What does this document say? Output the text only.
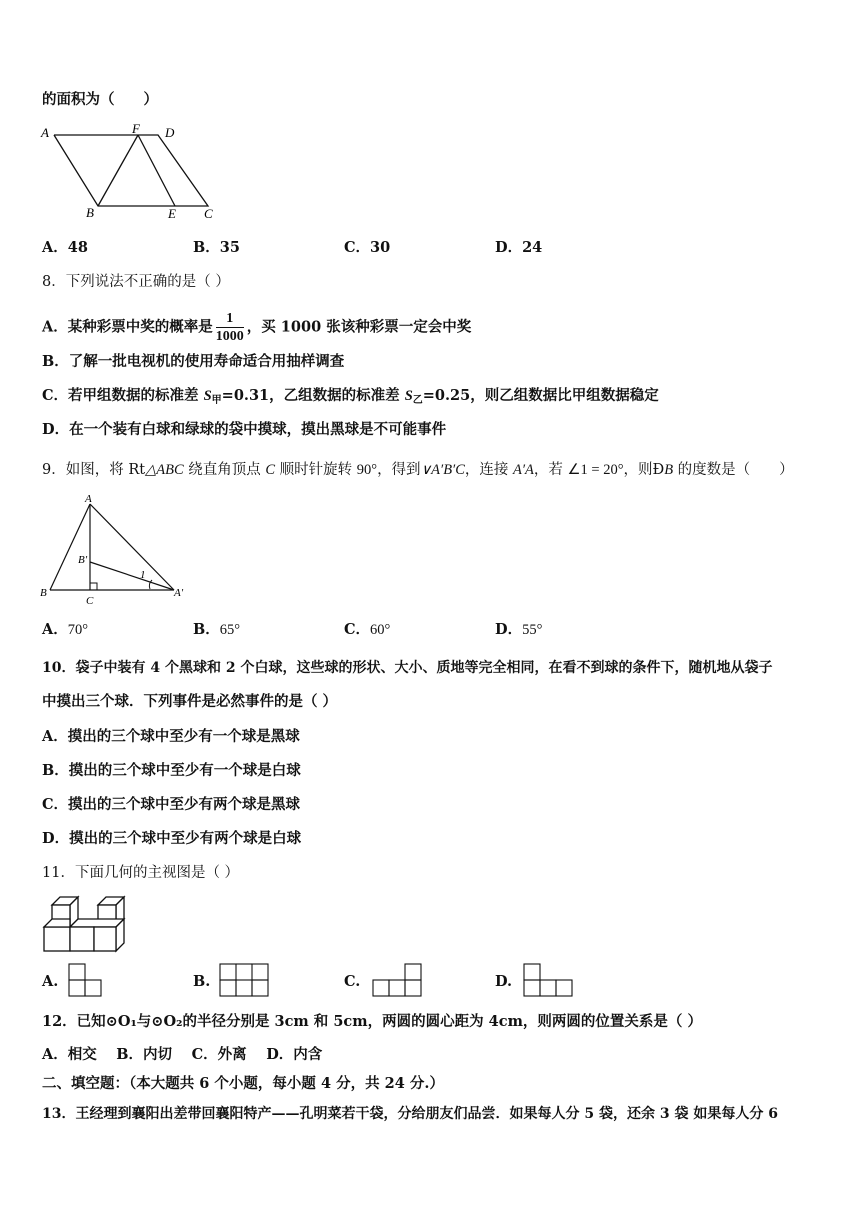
的面积为（　　）
A	F D
B	E C
A．48	B．35	C．30	D．24
8．下列说法不正确的是（ ）
A．某种彩票中奖的概率是 $\frac{1}{1000}$ ，买 1000 张该种彩票一定会中奖
B．了解一批电视机的使用寿命适合用抽样调查
C．若甲组数据的标准差 $S_甲=0.31$，乙组数据的标准差 $S_乙=0.25$，则乙组数据比甲组数据稳定
D．在一个装有白球和绿球的袋中摸球，摸出黑球是不可能事件
9．如图，将 Rt△ABC 绕直角顶点 C 顺时针旋转 90°，得到∨A′B′C，连接 A′A，若 ∠1 = 20°，则ÐB 的度数是（　　）
A
B′
1
B
C
A′
A．70°	B．65°	C．60°	D．55°
10．袋子中装有 4 个黑球和 2 个白球，这些球的形状、大小、质地等完全相同，在看不到球的条件下，随机地从袋子
中摸出三个球．下列事件是必然事件的是（ ）
A．摸出的三个球中至少有一个球是黑球
B．摸出的三个球中至少有一个球是白球
C．摸出的三个球中至少有两个球是黑球
D．摸出的三个球中至少有两个球是白球
11．下面几何的主视图是（ ）
A.	B.	C.	D.
12．已知⊙O₁与⊙O₂的半径分别是 3cm 和 5cm，两圆的圆心距为 4cm，则两圆的位置关系是（ ）
A．相交　 B．内切　 C．外离　 D．内含
二、填空题：（本大题共 6 个小题，每小题 4 分，共 24 分.）
13．王经理到襄阳出差带回襄阳特产——孔明菜若干袋，分给朋友们品尝．如果每人分 5 袋，还余 3 袋 如果每人分 6
